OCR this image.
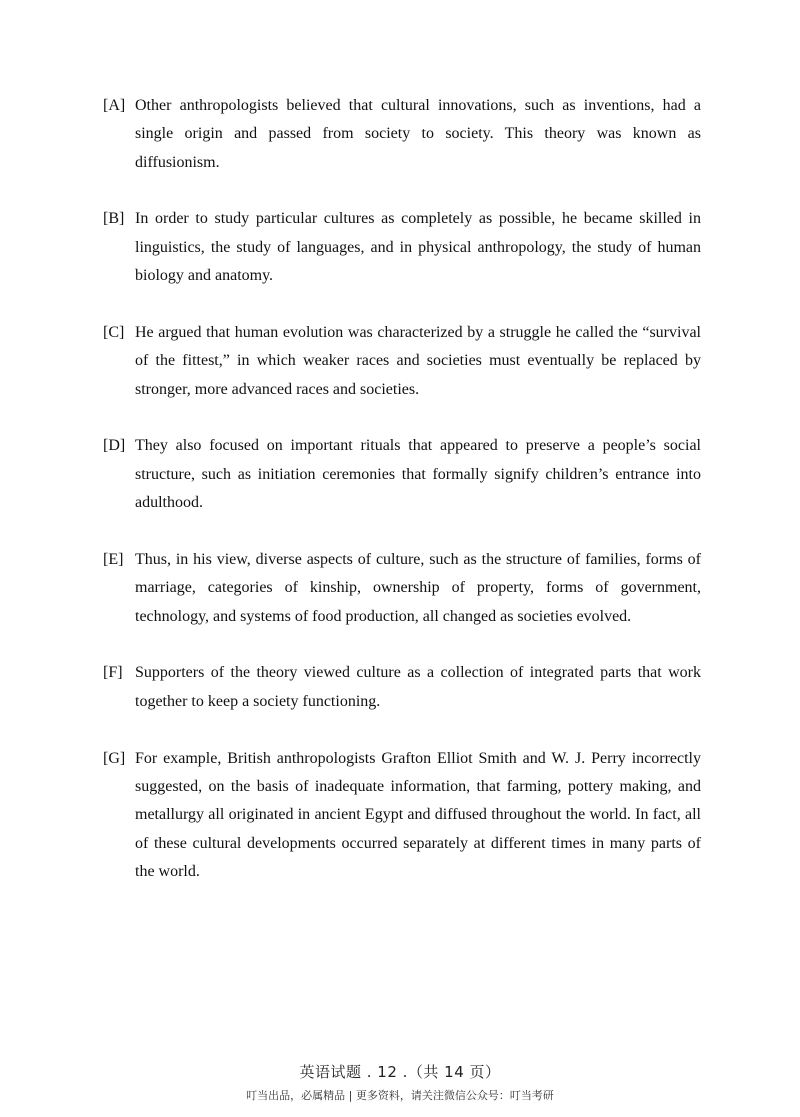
[A] Other anthropologists believed that cultural innovations, such as inventions, had a single origin and passed from society to society. This theory was known as diffusionism.
[B] In order to study particular cultures as completely as possible, he became skilled in linguistics, the study of languages, and in physical anthropology, the study of human biology and anatomy.
[C] He argued that human evolution was characterized by a struggle he called the “survival of the fittest,” in which weaker races and societies must eventually be replaced by stronger, more advanced races and societies.
[D] They also focused on important rituals that appeared to preserve a people’s social structure, such as initiation ceremonies that formally signify children’s entrance into adulthood.
[E] Thus, in his view, diverse aspects of culture, such as the structure of families, forms of marriage, categories of kinship, ownership of property, forms of government, technology, and systems of food production, all changed as societies evolved.
[F] Supporters of the theory viewed culture as a collection of integrated parts that work together to keep a society functioning.
[G] For example, British anthropologists Grafton Elliot Smith and W. J. Perry incorrectly suggested, on the basis of inadequate information, that farming, pottery making, and metallurgy all originated in ancient Egypt and diffused throughout the world. In fact, all of these cultural developments occurred separately at different times in many parts of the world.
英语试题 . 12 .（共 14 页）
叮当出品，必属精品 | 更多资料，请关注微信公众号：叮当考研
